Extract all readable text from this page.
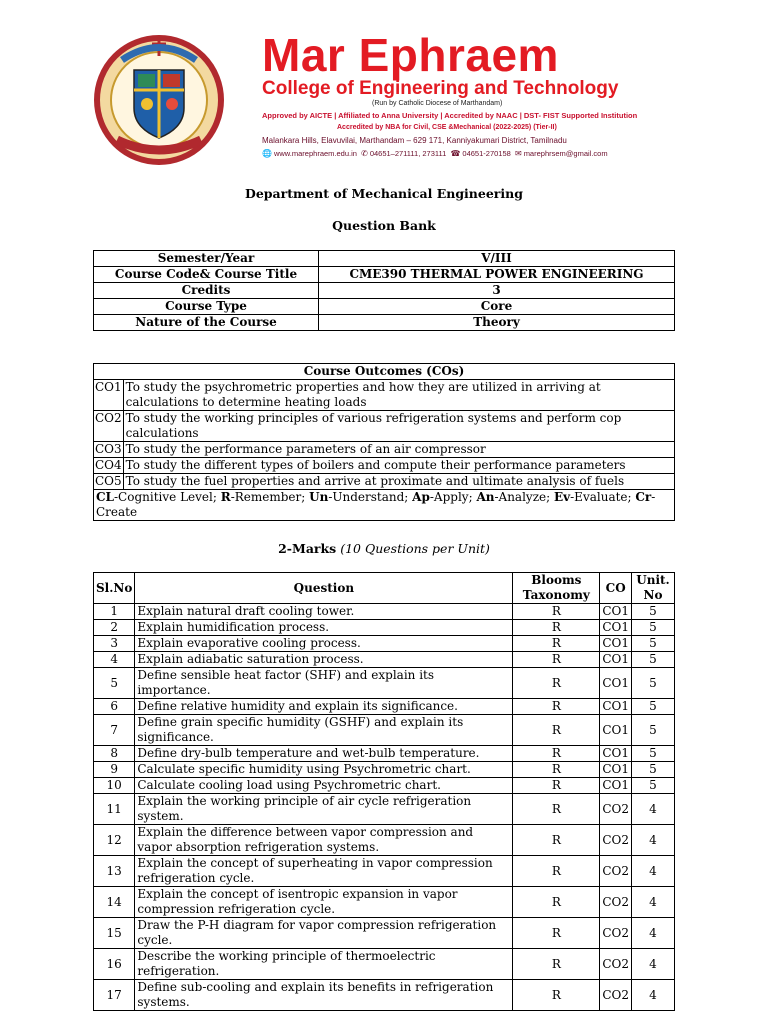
Mar Ephraem
College of Engineering and Technology
(Run by Catholic Diocese of Marthandam)
Approved by AICTE | Affiliated to Anna University | Accredited by NAAC | DST- FIST Supported Institution
Accredited by NBA for Civil, CSE &Mechanical (2022-2025) (Tier-II)
Malankara Hills, Elavuvilai, Marthandam – 629 171, Kanniyakumari District, Tamilnadu
🌐 www.marephraem.edu.in ✆ 04651–271111, 273111 ☎ 04651-270158 ✉ marephrsem@gmail.com
Department of Mechanical Engineering
Question Bank
Semester/Year	V/III
Course Code& Course Title	CME390 THERMAL POWER ENGINEERING
Credits	3
Course Type	Core
Nature of the Course	Theory
Course Outcomes (COs)	
CO1	To study the psychrometric properties and how they are utilized in arriving at calculations to determine heating loads
CO2	To study the working principles of various refrigeration systems and perform cop calculations
CO3	To study the performance parameters of an air compressor
CO4	To study the different types of boilers and compute their performance parameters
CO5	To study the fuel properties and arrive at proximate and ultimate analysis of fuels
CL-Cognitive Level; R-Remember; Un-Understand; Ap-Apply; An-Analyze; Ev-Evaluate; Cr-Create	
2-Marks (10 Questions per Unit)
Sl.No	Question	Blooms Taxonomy	CO	Unit. No
1	Explain natural draft cooling tower.	R	CO1	5
2	Explain humidification process.	R	CO1	5
3	Explain evaporative cooling process.	R	CO1	5
4	Explain adiabatic saturation process.	R	CO1	5
5	Define sensible heat factor (SHF) and explain its importance.	R	CO1	5
6	Define relative humidity and explain its significance.	R	CO1	5
7	Define grain specific humidity (GSHF) and explain its significance.	R	CO1	5
8	Define dry-bulb temperature and wet-bulb temperature.	R	CO1	5
9	Calculate specific humidity using Psychrometric chart.	R	CO1	5
10	Calculate cooling load using Psychrometric chart.	R	CO1	5
11	Explain the working principle of air cycle refrigeration system.	R	CO2	4
12	Explain the difference between vapor compression and vapor absorption refrigeration systems.	R	CO2	4
13	Explain the concept of superheating in vapor compression refrigeration cycle.	R	CO2	4
14	Explain the concept of isentropic expansion in vapor compression refrigeration cycle.	R	CO2	4
15	Draw the P-H diagram for vapor compression refrigeration cycle.	R	CO2	4
16	Describe the working principle of thermoelectric refrigeration.	R	CO2	4
17	Define sub-cooling and explain its benefits in refrigeration systems.	R	CO2	4
